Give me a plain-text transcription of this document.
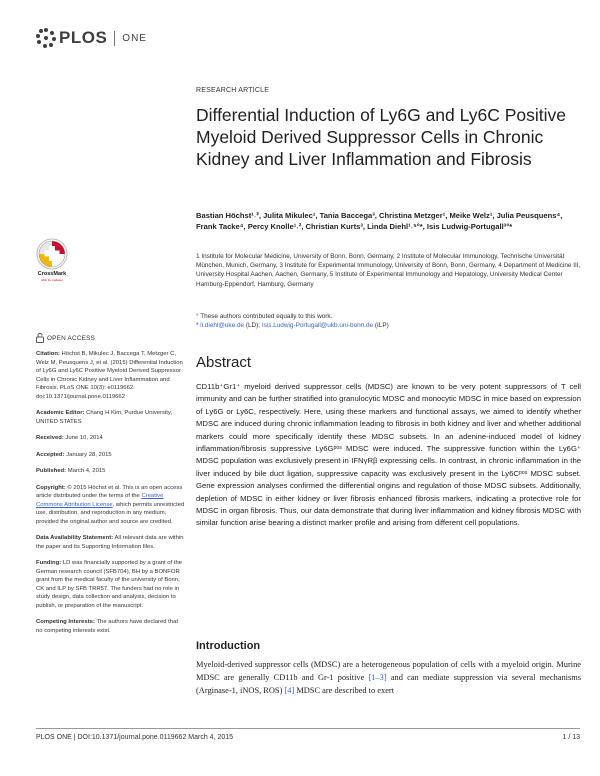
PLOS ONE
RESEARCH ARTICLE
Differential Induction of Ly6G and Ly6C Positive Myeloid Derived Suppressor Cells in Chronic Kidney and Liver Inflammation and Fibrosis
Bastian Höchst¹˒², Julita Mikulec¹, Tania Baccega³, Christina Metzger¹, Meike Welz¹, Julia Peusquens⁴, Frank Tacke⁴, Percy Knolle¹˒², Christian Kurts³, Linda Diehl¹˒⁵°*, Isis Ludwig-Portugall³°*
1 Institute for Molecular Medicine, University of Bonn, Bonn, Germany, 2 Institute of Molecular Immunology, Technische Universität München, Munich, Germany, 3 Institute for Experimental Immunology, University of Bonn, Bonn, Germany, 4 Department of Medicine III, University Hospital Aachen, Aachen, Germany, 5 Institute of Experimental Immunology and Hepatology, University Medical Center Hamburg-Eppendorf, Hamburg, Germany
° These authors contributed equally to this work.
* li.diehl@uke.de (LD); Isis.Ludwig-Portugall@ukb.uni-bonn.de (ILP)
CrossMark
click for updates
OPEN ACCESS

Citation: Höchst B, Mikulec J, Baccega T, Metzger C, Welz M, Peusquens J, et al. (2015) Differential Induction of Ly6G and Ly6C Positive Myeloid Derived Suppressor Cells in Chronic Kidney and Liver Inflammation and Fibrosis. PLoS ONE 10(3): e0119662. doi:10.1371/journal.pone.0119662

Academic Editor: Chang H Kim, Purdue University, UNITED STATES

Received: June 10, 2014

Accepted: January 28, 2015

Published: March 4, 2015

Copyright: © 2015 Höchst et al. This is an open access article distributed under the terms of the Creative Commons Attribution License, which permits unrestricted use, distribution, and reproduction in any medium, provided the original author and source are credited.

Data Availability Statement: All relevant data are within the paper and its Supporting Information files.

Funding: LD was financially supported by a grant of the German research council (SFB704), BH by a BONFOR grant from the medical faculty of the university of Bonn, CK and ILP by SFB TRR57. The funders had no role in study design, data collection and analysis, decision to publish, or preparation of the manuscript.

Competing Interests: The authors have declared that no competing interests exist.

Abstract
CD11b⁺Gr1⁺ myeloid derived suppressor cells (MDSC) are known to be very potent suppressors of T cell immunity and can be further stratified into granulocytic MDSC and monocytic MDSC in mice based on expression of Ly6G or Ly6C, respectively. Here, using these markers and functional assays, we aimed to identify whether MDSC are induced during chronic inflammation leading to fibrosis in both kidney and liver and whether additional markers could more specifically identify these MDSC subsets. In an adenine-induced model of kidney inflammation/fibrosis suppressive Ly6Gᵖᵒˢ MDSC were induced. The suppressive function within the Ly6G⁺ MDSC population was exclusively present in IFNγRβ expressing cells. In contrast, in chronic inflammation in the liver induced by bile duct ligation, suppressive capacity was exclusively present in the Ly6Cᵖᵒˢ MDSC subset. Gene expression analyses confirmed the differential origins and regulation of those MDSC subsets. Additionally, depletion of MDSC in either kidney or liver fibrosis enhanced fibrosis markers, indicating a protective role for MDSC in organ fibrosis. Thus, our data demonstrate that during liver inflammation and kidney fibrosis MDSC with similar function arise bearing a distinct marker profile and arising from different cell populations.
Introduction
Myeloid-derived suppressor cells (MDSC) are a heterogeneous population of cells with a myeloid origin. Murine MDSC are generally CD11b and Gr-1 positive [1–3] and can mediate suppression via several mechanisms (Arginase-1, iNOS, ROS) [4] MDSC are described to exert
PLOS ONE | DOI:10.1371/journal.pone.0119662 March 4, 2015	1 / 13
